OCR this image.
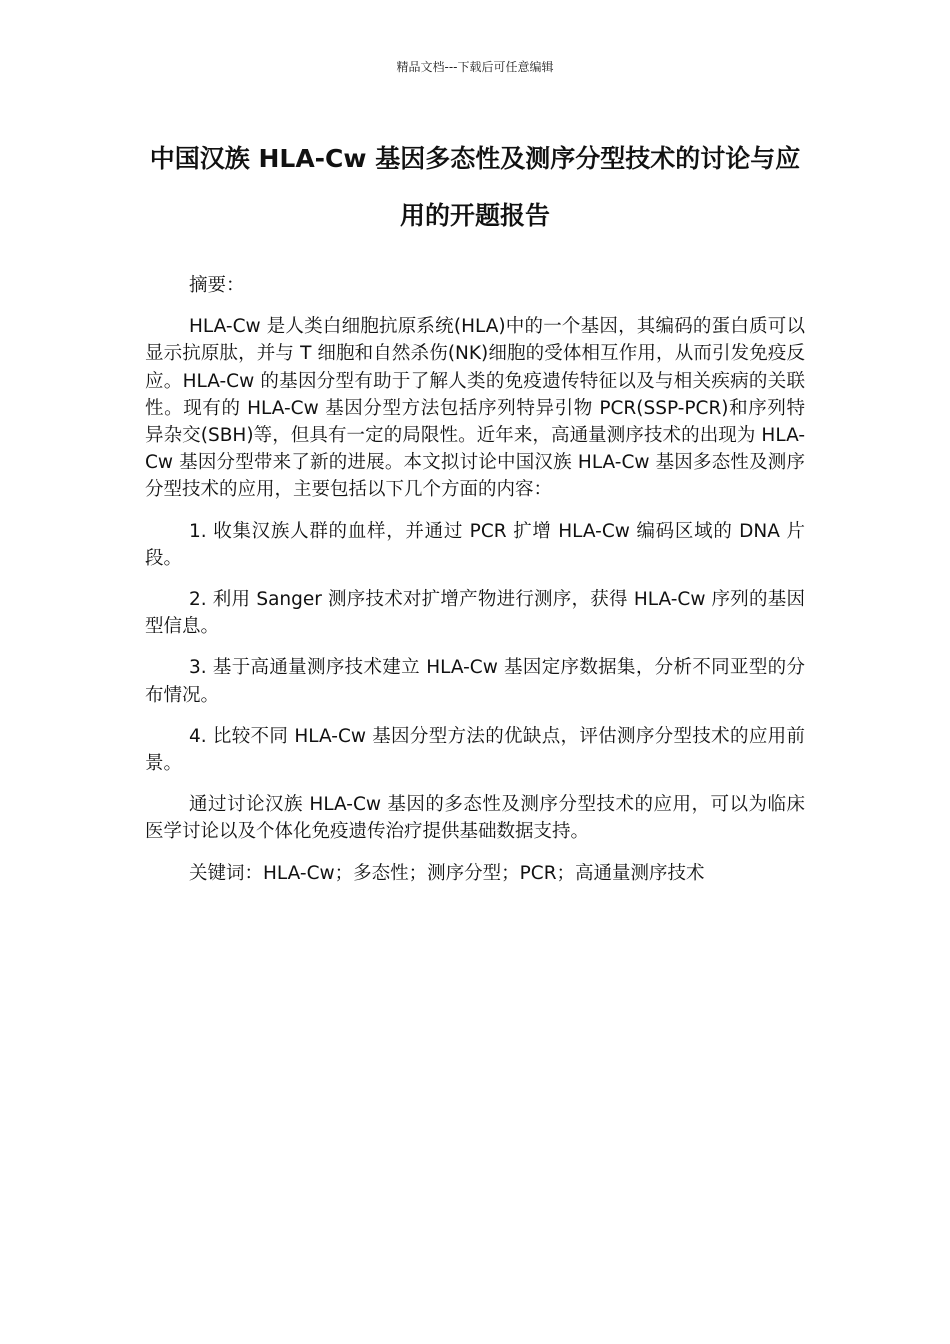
精品文档---下载后可任意编辑
中国汉族 HLA-Cw 基因多态性及测序分型技术的讨论与应用的开题报告

摘要：

HLA-Cw 是人类白细胞抗原系统(HLA)中的一个基因，其编码的蛋白质可以显示抗原肽，并与 T 细胞和自然杀伤(NK)细胞的受体相互作用，从而引发免疫反应。HLA-Cw 的基因分型有助于了解人类的免疫遗传特征以及与相关疾病的关联性。现有的 HLA-Cw 基因分型方法包括序列特异引物 PCR(SSP-PCR)和序列特异杂交(SBH)等，但具有一定的局限性。近年来，高通量测序技术的出现为 HLA-Cw 基因分型带来了新的进展。本文拟讨论中国汉族 HLA-Cw 基因多态性及测序分型技术的应用，主要包括以下几个方面的内容：

1. 收集汉族人群的血样，并通过 PCR 扩增 HLA-Cw 编码区域的 DNA 片段。

2. 利用 Sanger 测序技术对扩增产物进行测序，获得 HLA-Cw 序列的基因型信息。

3. 基于高通量测序技术建立 HLA-Cw 基因定序数据集，分析不同亚型的分布情况。

4. 比较不同 HLA-Cw 基因分型方法的优缺点，评估测序分型技术的应用前景。

通过讨论汉族 HLA-Cw 基因的多态性及测序分型技术的应用，可以为临床医学讨论以及个体化免疫遗传治疗提供基础数据支持。

关键词：HLA-Cw；多态性；测序分型；PCR；高通量测序技术
